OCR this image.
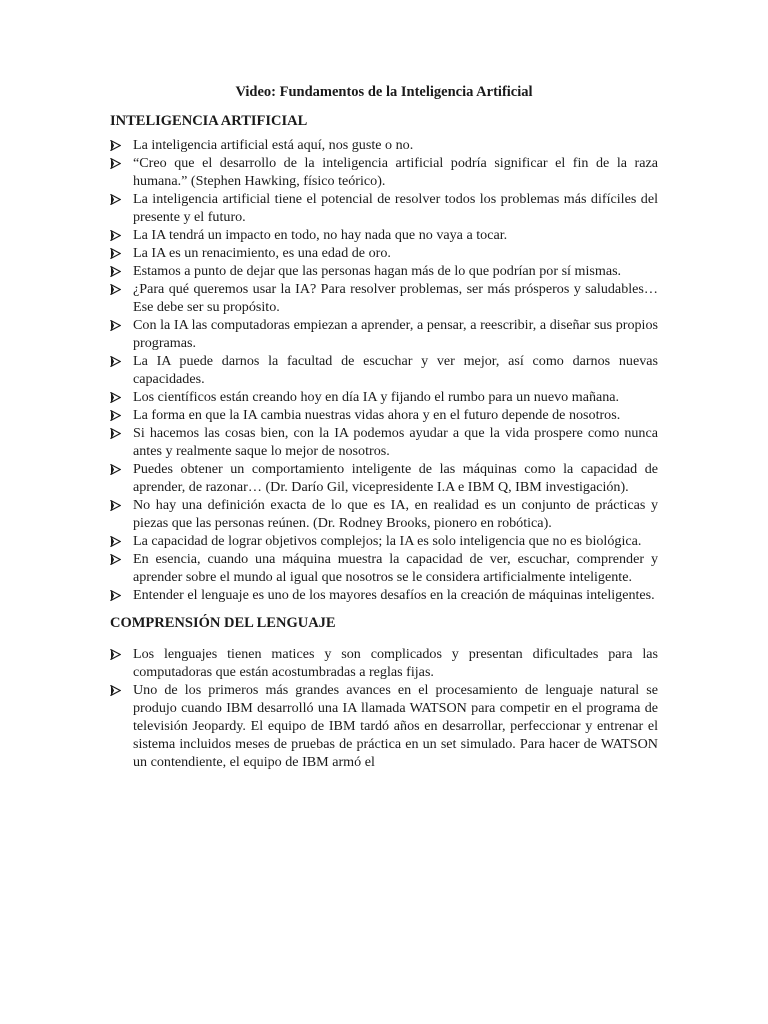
Video: Fundamentos de la Inteligencia Artificial
INTELIGENCIA ARTIFICIAL
La inteligencia artificial está aquí, nos guste o no.
“Creo que el desarrollo de la inteligencia artificial podría significar el fin de la raza humana.” (Stephen Hawking, físico teórico).
La inteligencia artificial tiene el potencial de resolver todos los problemas más difíciles del presente y el futuro.
La IA tendrá un impacto en todo, no hay nada que no vaya a tocar.
La IA es un renacimiento, es una edad de oro.
Estamos a punto de dejar que las personas hagan más de lo que podrían por sí mismas.
¿Para qué queremos usar la IA? Para resolver problemas, ser más prósperos y saludables… Ese debe ser su propósito.
Con la IA las computadoras empiezan a aprender, a pensar, a reescribir, a diseñar sus propios programas.
La IA puede darnos la facultad de escuchar y ver mejor, así como darnos nuevas capacidades.
Los científicos están creando hoy en día IA y fijando el rumbo para un nuevo mañana.
La forma en que la IA cambia nuestras vidas ahora y en el futuro depende de nosotros.
Si hacemos las cosas bien, con la IA podemos ayudar a que la vida prospere como nunca antes y realmente saque lo mejor de nosotros.
Puedes obtener un comportamiento inteligente de las máquinas como la capacidad de aprender, de razonar… (Dr. Darío Gil, vicepresidente I.A e IBM Q, IBM investigación).
No hay una definición exacta de lo que es IA, en realidad es un conjunto de prácticas y piezas que las personas reúnen. (Dr. Rodney Brooks, pionero en robótica).
La capacidad de lograr objetivos complejos; la IA es solo inteligencia que no es biológica.
En esencia, cuando una máquina muestra la capacidad de ver, escuchar, comprender y aprender sobre el mundo al igual que nosotros se le considera artificialmente inteligente.
Entender el lenguaje es uno de los mayores desafíos en la creación de máquinas inteligentes.
COMPRENSIÓN DEL LENGUAJE
Los lenguajes tienen matices y son complicados y presentan dificultades para las computadoras que están acostumbradas a reglas fijas.
Uno de los primeros más grandes avances en el procesamiento de lenguaje natural se produjo cuando IBM desarrolló una IA llamada WATSON para competir en el programa de televisión Jeopardy. El equipo de IBM tardó años en desarrollar, perfeccionar y entrenar el sistema incluidos meses de pruebas de práctica en un set simulado. Para hacer de WATSON un contendiente, el equipo de IBM armó el
